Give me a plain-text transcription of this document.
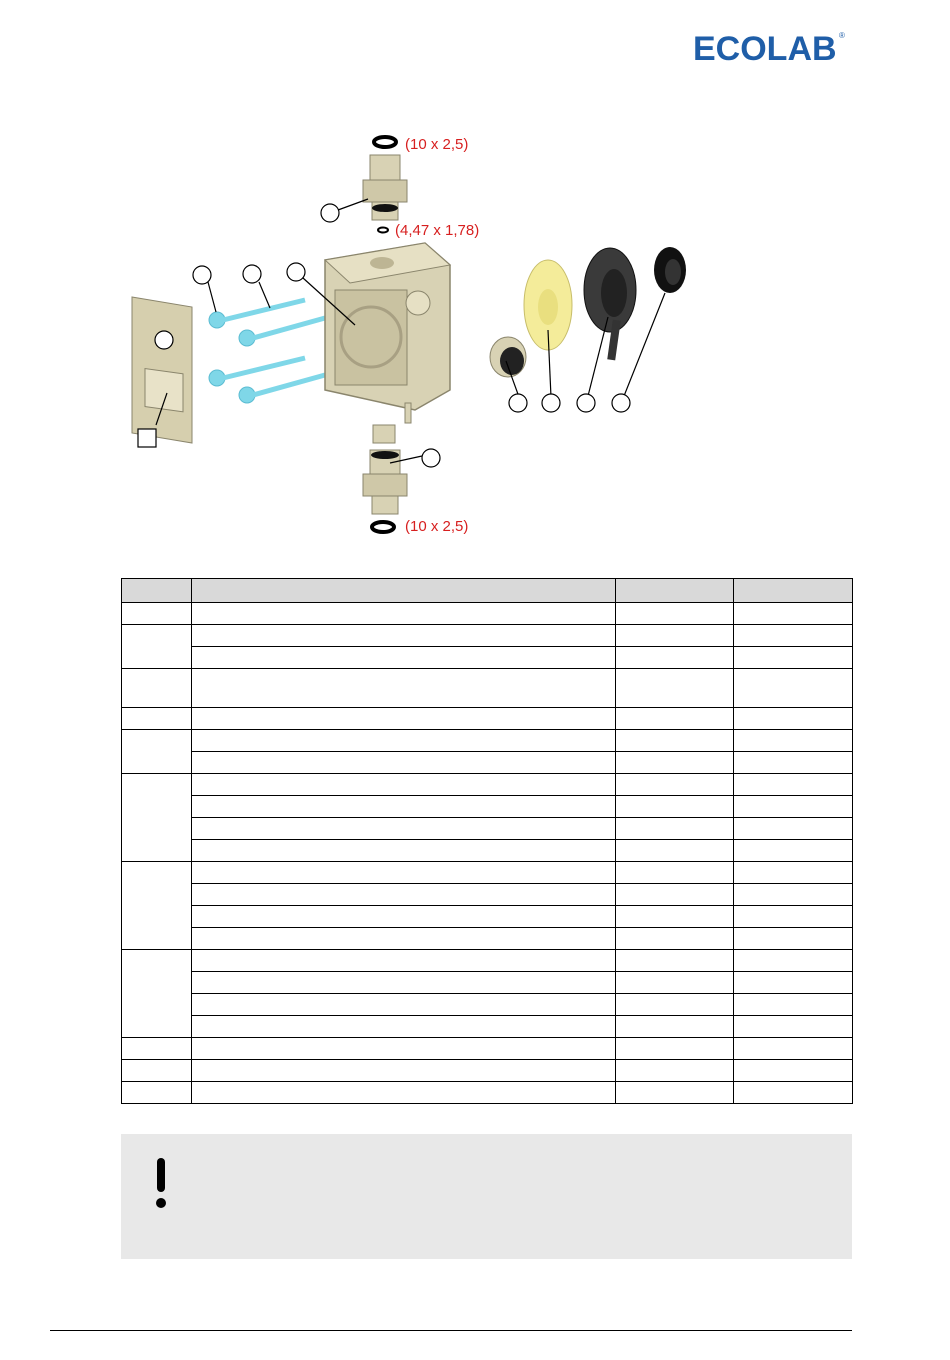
ECOLAB ®
(10 x 2,5)
(4,47 x 1,78)
(10 x 2,5)
